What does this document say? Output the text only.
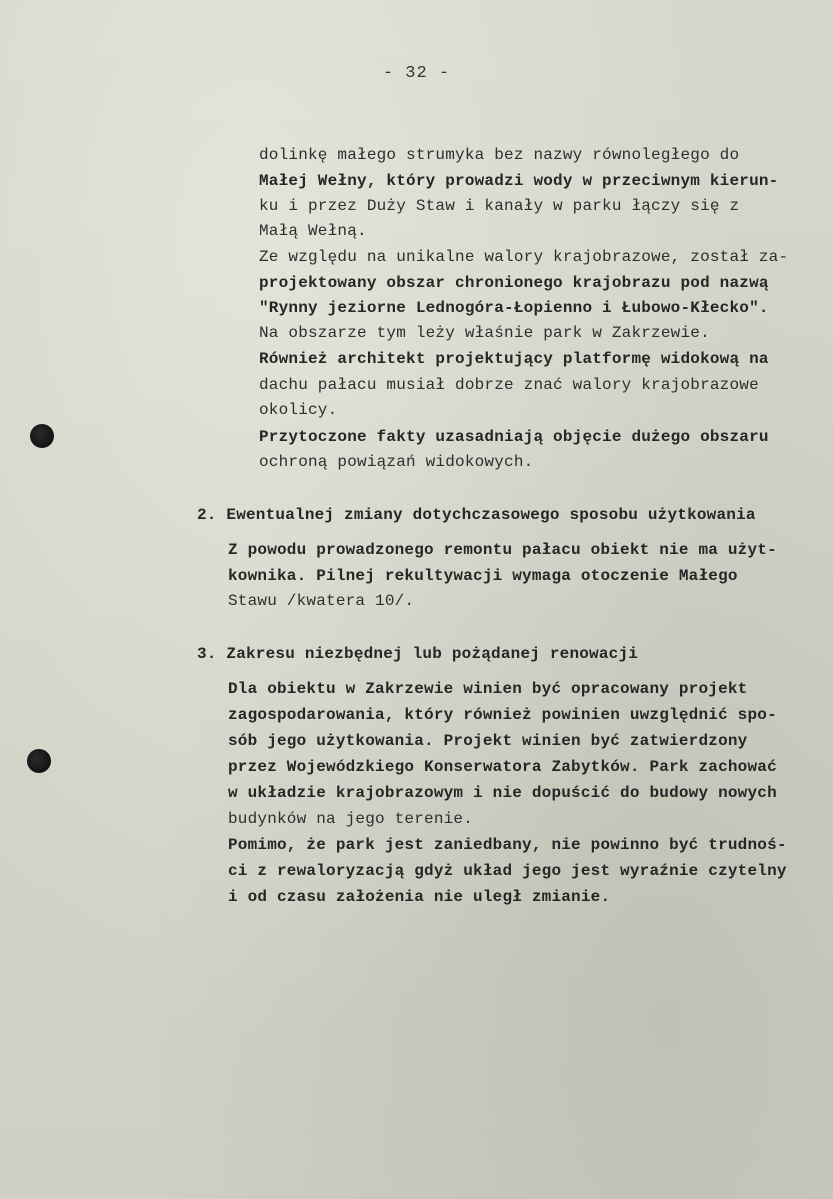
- 32 -
dolinkę małego strumyka bez nazwy równoległego do
Małej Wełny, który prowadzi wody w przeciwnym kierun-
ku i przez Duży Staw i kanały w parku łączy się z
Małą Wełną.
Ze względu na unikalne walory krajobrazowe, został za-
projektowany obszar chronionego krajobrazu pod nazwą
"Rynny jeziorne Lednogóra-Łopienno i Łubowo-Kłecko".
Na obszarze tym leży właśnie park w Zakrzewie.
Również architekt projektujący platformę widokową na
dachu pałacu musiał dobrze znać walory krajobrazowe
okolicy.
Przytoczone fakty uzasadniają objęcie dużego obszaru
ochroną powiązań widokowych.
2. Ewentualnej zmiany dotychczasowego sposobu użytkowania
Z powodu prowadzonego remontu pałacu obiekt nie ma użyt-
kownika. Pilnej rekultywacji wymaga otoczenie Małego
Stawu /kwatera 10/.
3. Zakresu niezbędnej lub pożądanej renowacji
Dla obiektu w Zakrzewie winien być opracowany projekt
zagospodarowania, który również powinien uwzględnić spo-
sób jego użytkowania. Projekt winien być zatwierdzony
przez Wojewódzkiego Konserwatora Zabytków. Park zachować
w układzie krajobrazowym i nie dopuścić do budowy nowych
budynków na jego terenie.
Pomimo, że park jest zaniedbany, nie powinno być trudnoś-
ci z rewaloryzacją gdyż układ jego jest wyraźnie czytelny
i od czasu założenia nie uległ zmianie.
